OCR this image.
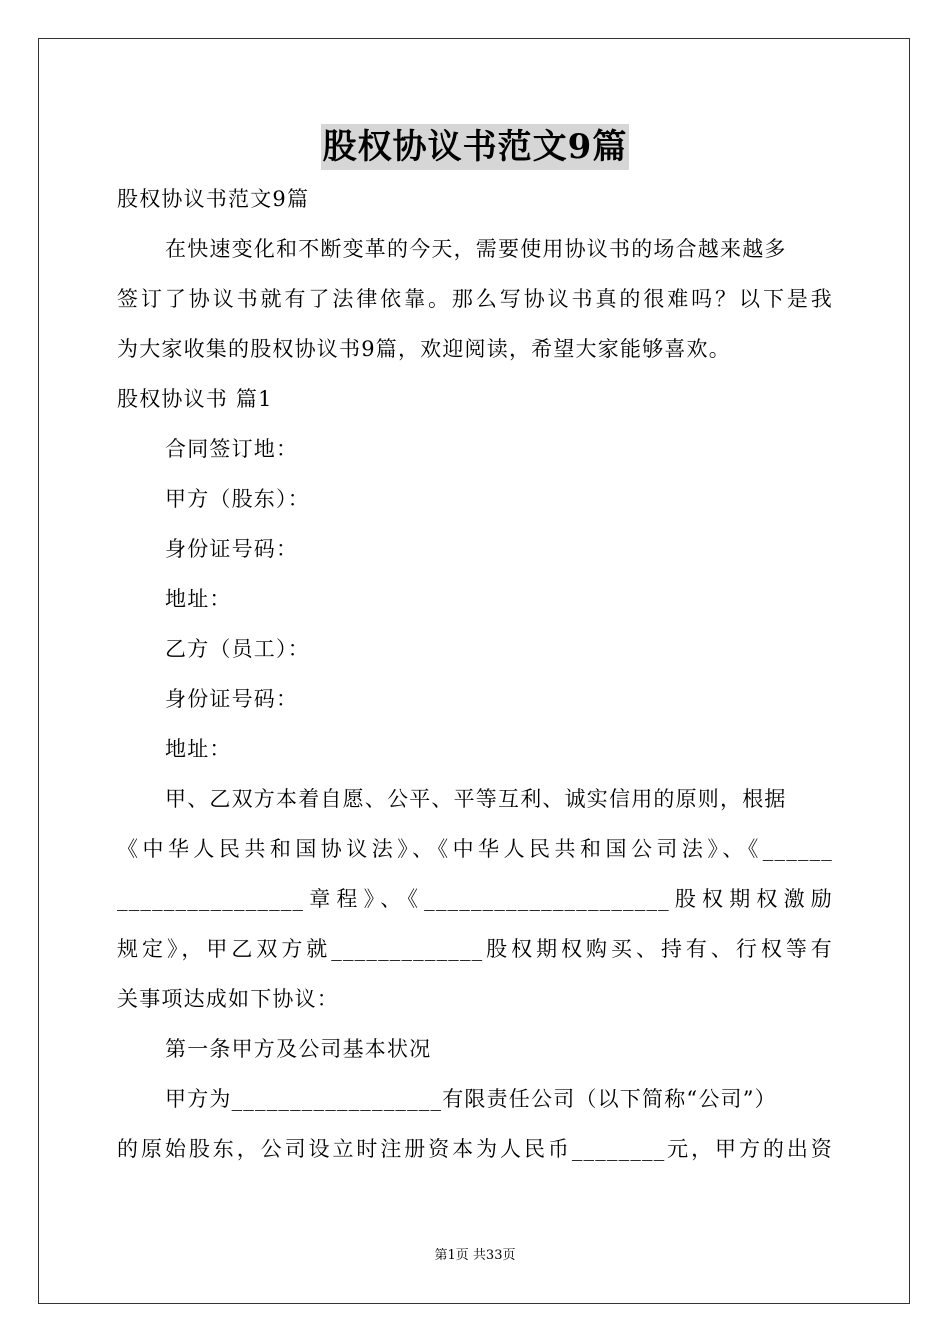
股权协议书范文9篇
股权协议书范文9篇
在快速变化和不断变革的今天，需要使用协议书的场合越来越多
签订了协议书就有了法律依靠。那么写协议书真的很难吗？以下是我
为大家收集的股权协议书9篇，欢迎阅读，希望大家能够喜欢。
股权协议书 篇1
合同签订地：
甲方（股东）：
身份证号码：
地址：
乙方（员工）：
身份证号码：
地址：
甲、乙双方本着自愿、公平、平等互利、诚实信用的原则，根据
《中华人民共和国协议法》、《中华人民共和国公司法》、《______
________________章程》、《_____________________股权期权激励
规定》，甲乙双方就_____________股权期权购买、持有、行权等有
关事项达成如下协议：
第一条甲方及公司基本状况
甲方为__________________有限责任公司（以下简称“公司”）
的原始股东，公司设立时注册资本为人民币________元，甲方的出资
第1页 共33页
